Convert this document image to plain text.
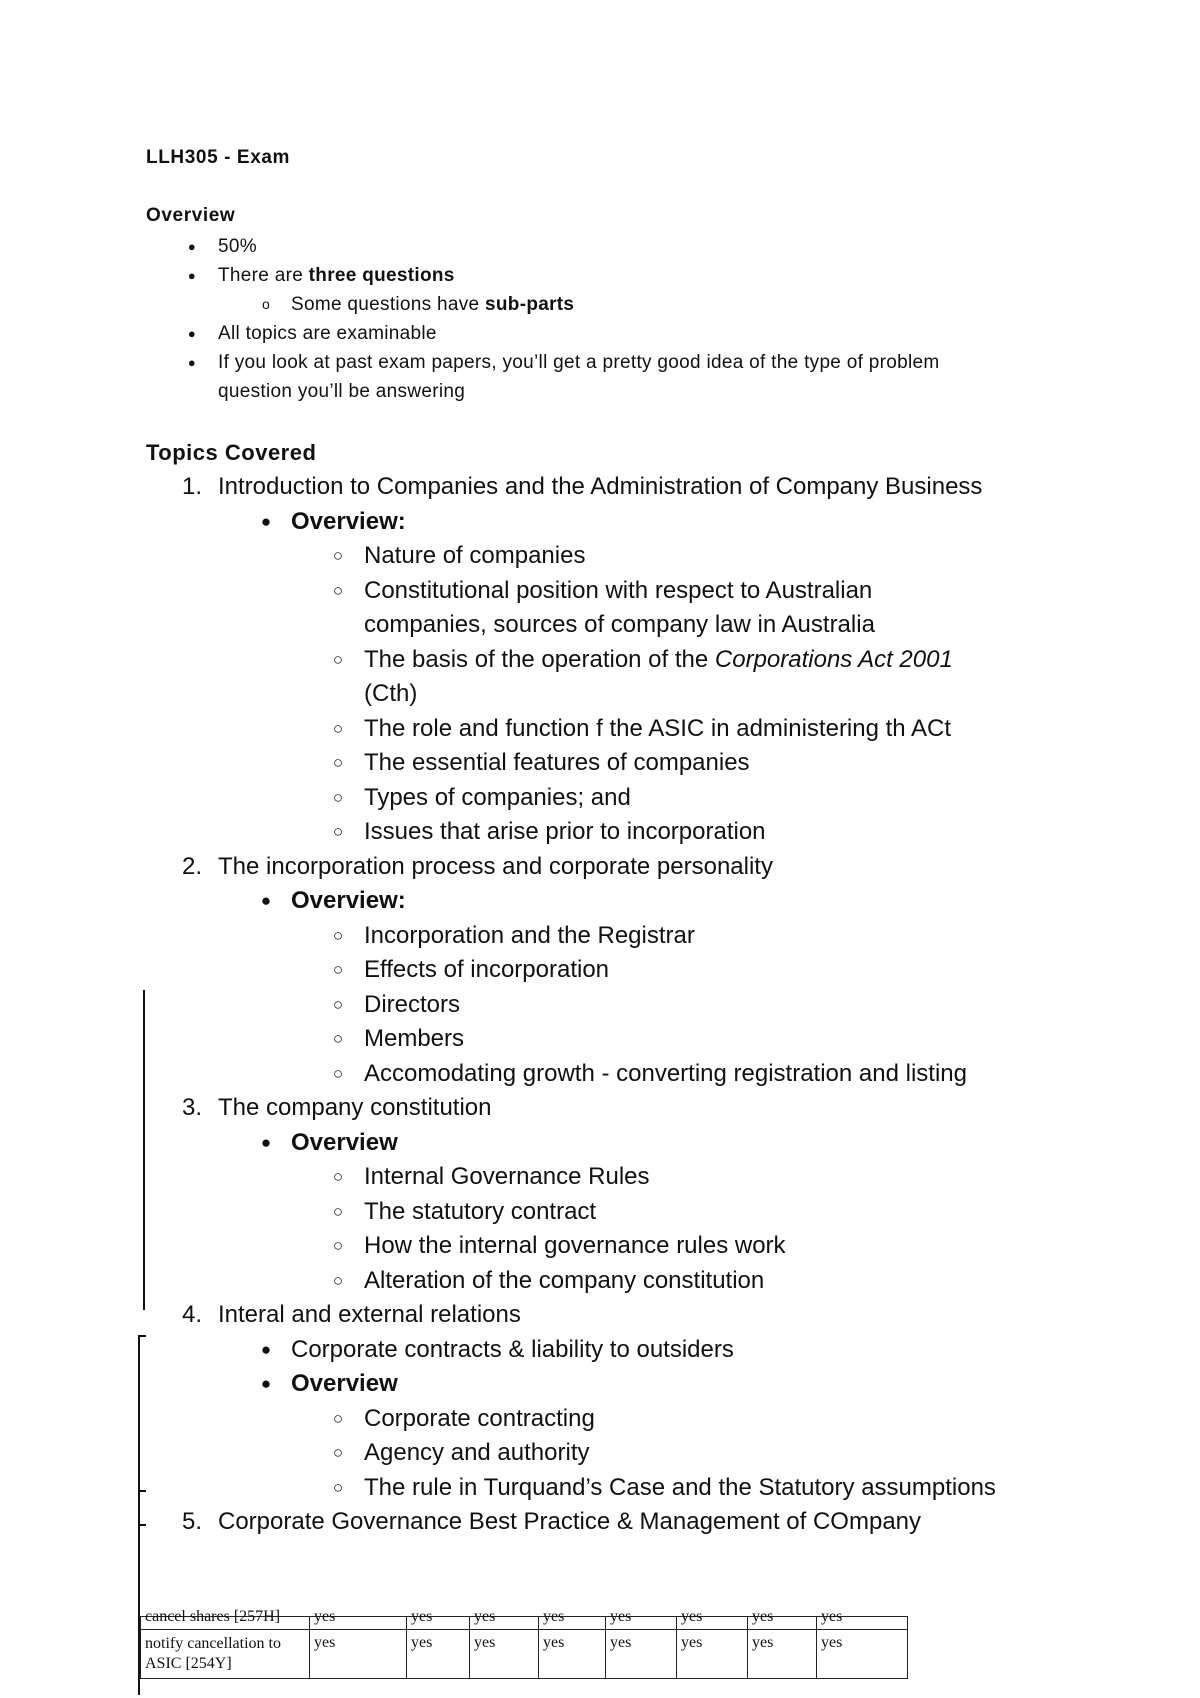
LLH305 - Exam
Overview
●	50%
●	There are three questions
o	Some questions have sub-parts
●	All topics are examinable
●	If you look at past exam papers, you’ll get a pretty good idea of the type of problem
question you’ll be answering
Topics Covered
1. Introduction to Companies and the Administration of Company Business
● Overview:
○ Nature of companies
○ Constitutional position with respect to Australian
companies, sources of company law in Australia
○ The basis of the operation of the Corporations Act 2001
(Cth)
○ The role and function f the ASIC in administering th ACt
○ The essential features of companies
○ Types of companies; and
○ Issues that arise prior to incorporation
2. The incorporation process and corporate personality
● Overview:
○ Incorporation and the Registrar
○ Effects of incorporation
○ Directors
○ Members
○ Accomodating growth - converting registration and listing
3. The company constitution
● Overview
○ Internal Governance Rules
○ The statutory contract
○ How the internal governance rules work
○ Alteration of the company constitution
4. Interal and external relations
● Corporate contracts & liability to outsiders
● Overview
○ Corporate contracting
○ Agency and authority
○ The rule in Turquand’s Case and the Statutory assumptions
5. Corporate Governance Best Practice & Management of COmpany
cancel shares [257H]	yes	yes	yes	yes	yes	yes	yes	yes

notify cancellation to
ASIC [254Y]	yes	yes	yes	yes	yes	yes	yes	yes
